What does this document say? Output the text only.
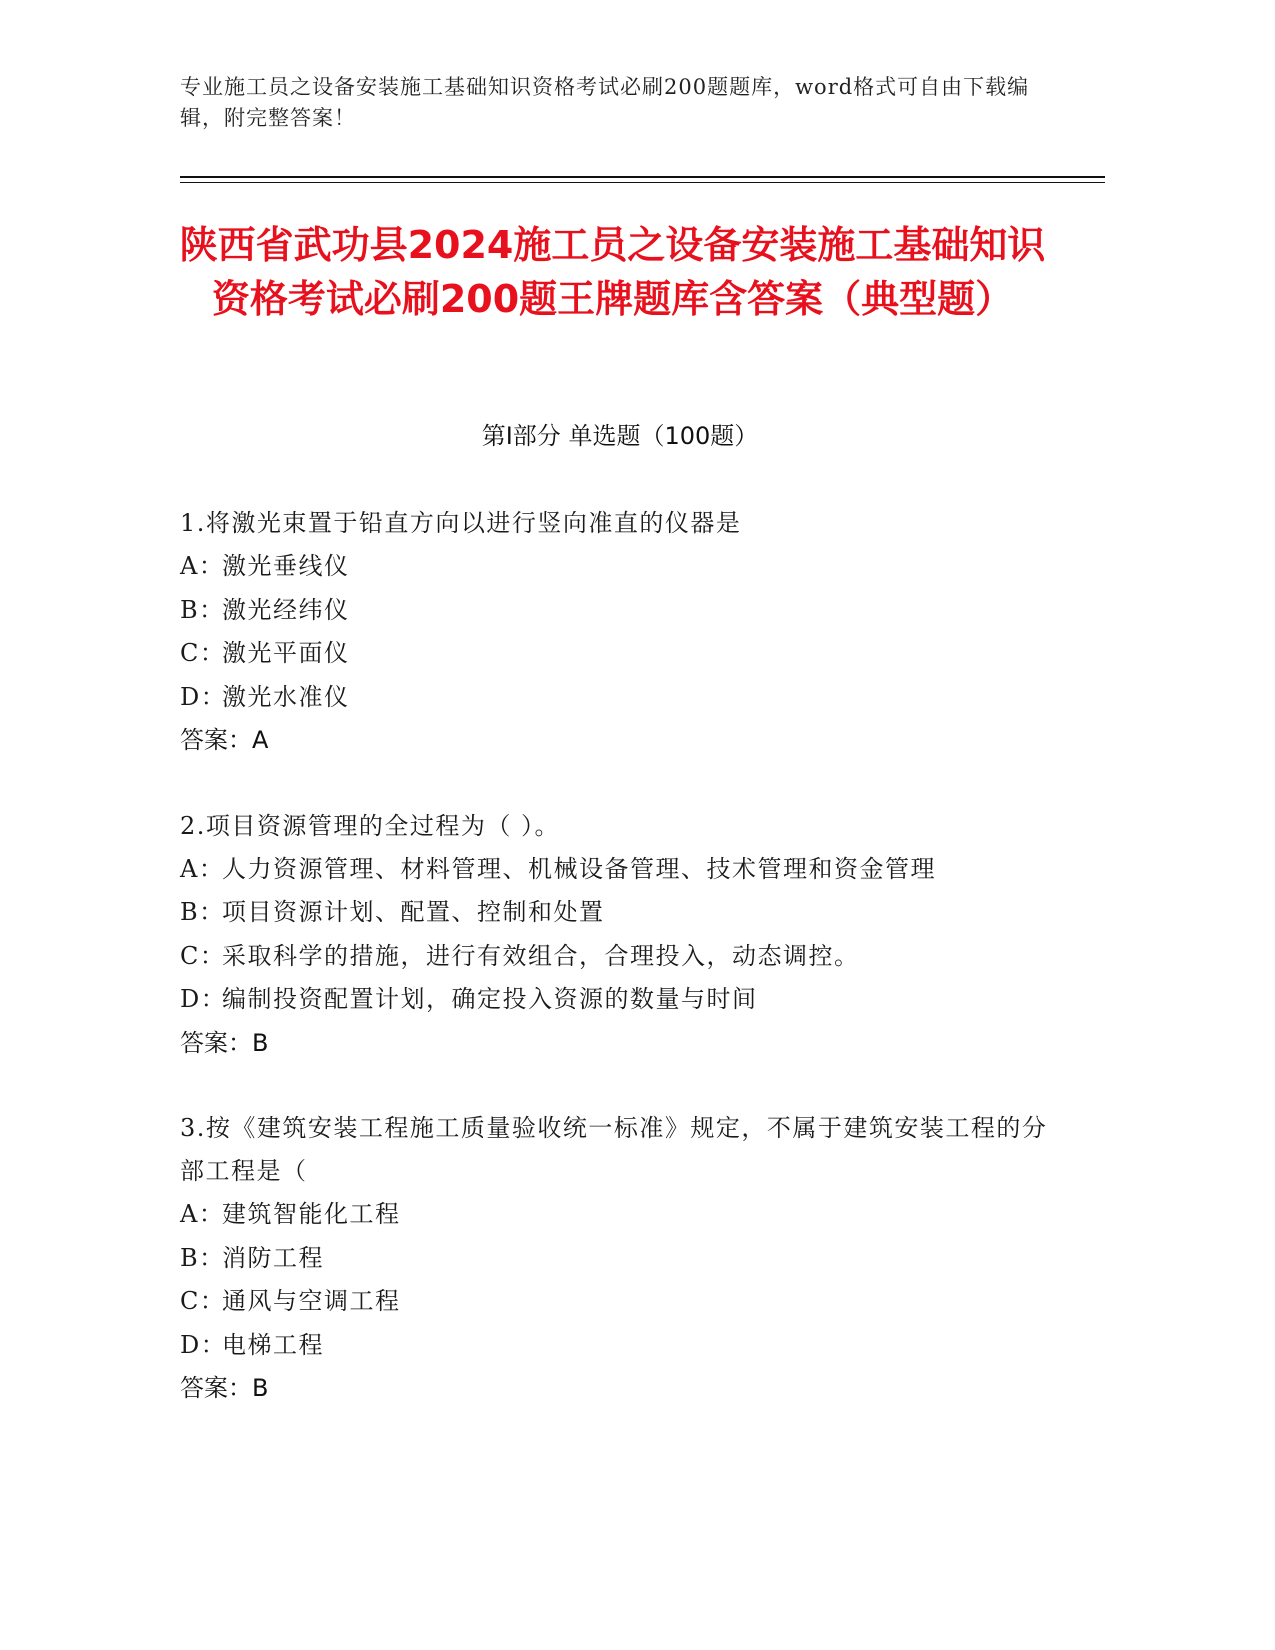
专业施工员之设备安装施工基础知识资格考试必刷200题题库，word格式可自由下载编辑，附完整答案！
陕西省武功县2024施工员之设备安装施工基础知识资格考试必刷200题王牌题库含答案（典型题）
第I部分 单选题（100题）
1.将激光束置于铅直方向以进行竖向准直的仪器是
A：激光垂线仪
B：激光经纬仪
C：激光平面仪
D：激光水准仪
答案：A
2.项目资源管理的全过程为（ ）。
A：人力资源管理、材料管理、机械设备管理、技术管理和资金管理
B：项目资源计划、配置、控制和处置
C：采取科学的措施，进行有效组合，合理投入，动态调控。
D：编制投资配置计划，确定投入资源的数量与时间
答案：B
3.按《建筑安装工程施工质量验收统一标准》规定，不属于建筑安装工程的分部工程是（
A：建筑智能化工程
B：消防工程
C：通风与空调工程
D：电梯工程
答案：B
